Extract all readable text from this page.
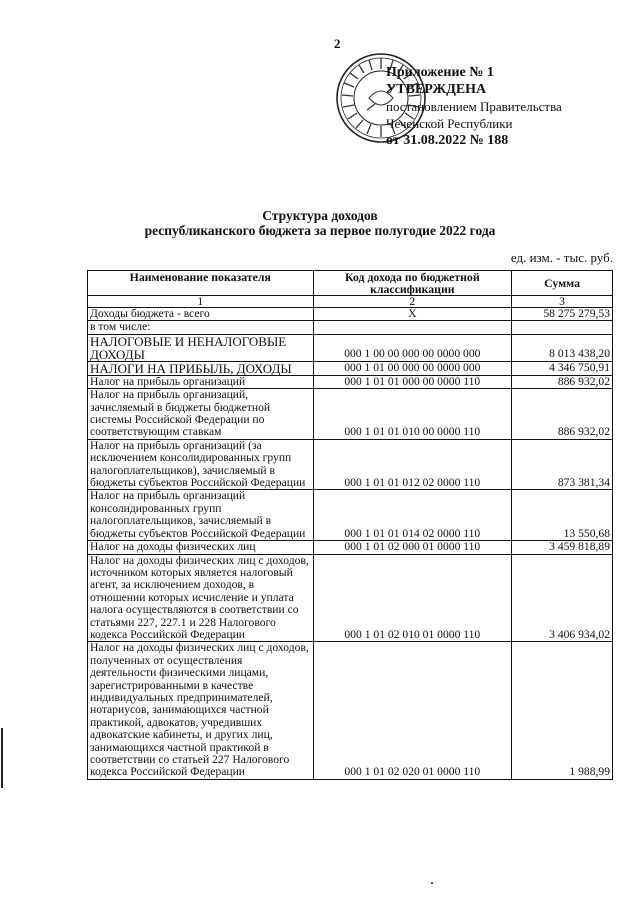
2
Приложение № 1
УТВЕРЖДЕНА
постановлением Правительства
Чеченской Республики
от 31.08.2022 № 188
Структура доходов
республиканского бюджета за первое полугодие 2022 года
ед. изм. - тыс. руб.
Наименование показателя	Код дохода по бюджетной классификации	Сумма
1	2	3
Доходы бюджета - всего	Х	58 275 279,53
в том числе:		
НАЛОГОВЫЕ И НЕНАЛОГОВЫЕ ДОХОДЫ	000 1 00 00 000 00 0000 000	8 013 438,20
НАЛОГИ НА ПРИБЫЛЬ, ДОХОДЫ	000 1 01 00 000 00 0000 000	4 346 750,91
Налог на прибыль организаций	000 1 01 01 000 00 0000 110	886 932,02
Налог на прибыль организаций, зачисляемый в бюджеты бюджетной системы Российской Федерации по соответствующим ставкам	000 1 01 01 010 00 0000 110	886 932,02
Налог на прибыль организаций (за исключением консолидированных групп налогоплательщиков), зачисляемый в бюджеты субъектов Российской Федерации	000 1 01 01 012 02 0000 110	873 381,34
Налог на прибыль организаций консолидированных групп налогоплательщиков, зачисляемый в бюджеты субъектов Российской Федерации	000 1 01 01 014 02 0000 110	13 550,68
Налог на доходы физических лиц	000 1 01 02 000 01 0000 110	3 459 818,89
Налог на доходы физических лиц с доходов, источником которых является налоговый агент, за исключением доходов, в отношении которых исчисление и уплата налога осуществляются в соответствии со статьями 227, 227.1 и 228 Налогового кодекса Российской Федерации	000 1 01 02 010 01 0000 110	3 406 934,02
Налог на доходы физических лиц с доходов, полученных от осуществления деятельности физическими лицами, зарегистрированными в качестве индивидуальных предпринимателей, нотариусов, занимающихся частной практикой, адвокатов, учредивших адвокатские кабинеты, и других лиц, занимающихся частной практикой в соответствии со статьей 227 Налогового кодекса Российской Федерации	000 1 01 02 020 01 0000 110	1 988,99
